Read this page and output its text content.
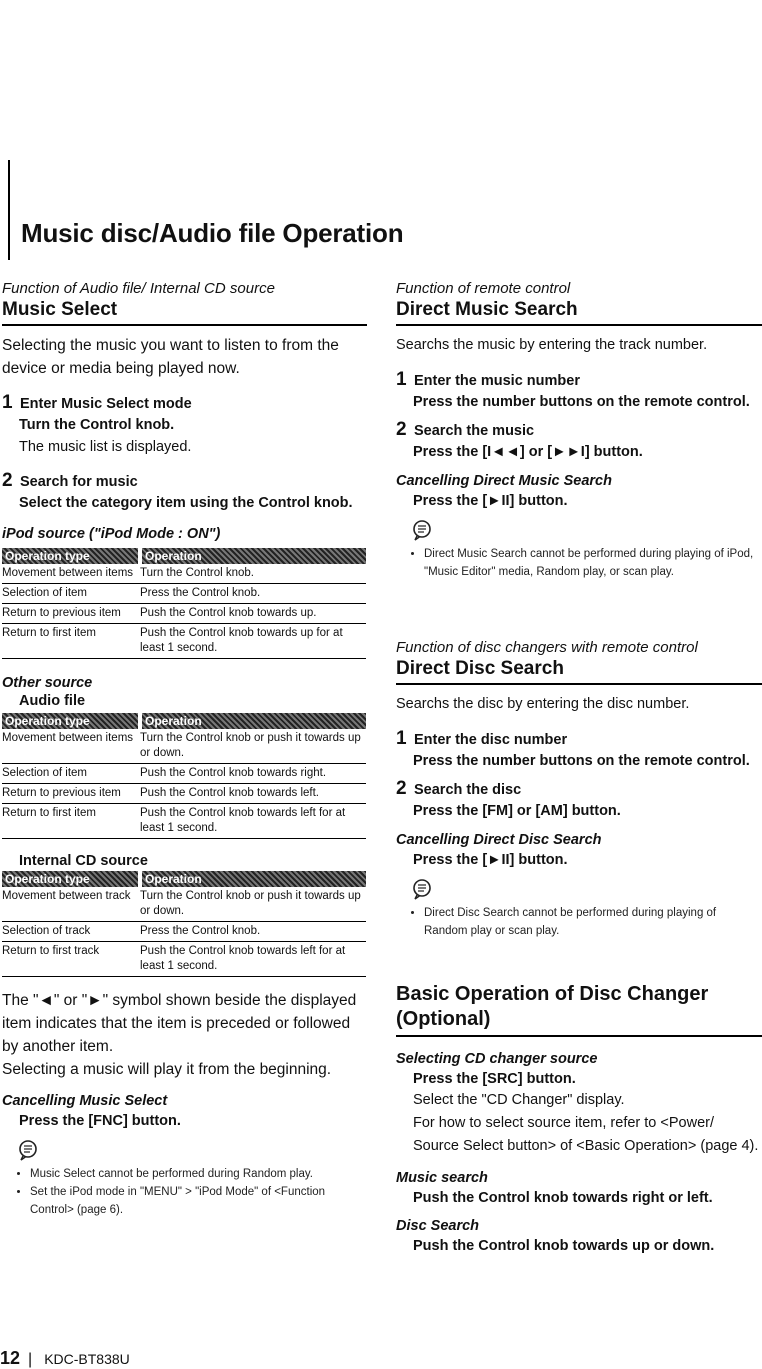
Music disc/Audio file Operation

Function of Audio file/ Internal CD source

Music Select

Selecting the music you want to listen to from the device or media being played now.

1 Enter Music Select mode
Turn the Control knob.
The music list is displayed.
2 Search for music
Select the category item using the Control knob.

iPod source ("iPod Mode : ON")

Operation type	Operation
Movement between items	Turn the Control knob.
Selection of item	Press the Control knob.
Return to previous item	Push the Control knob towards up.
Return to first item	Push the Control knob towards up for at least 1 second.

Other source

Audio file

Operation type	Operation
Movement between items	Turn the Control knob or push it towards up or down.
Selection of item	Push the Control knob towards right.
Return to previous item	Push the Control knob towards left.
Return to first item	Push the Control knob towards left for at least 1 second.

Internal CD source

Operation type	Operation
Movement between track	Turn the Control knob or push it towards up or down.
Selection of track	Press the Control knob.
Return to first track	Push the Control knob towards left for at least 1 second.

The "◄" or "►" symbol shown beside the displayed item indicates that the item is preceded or followed by another item.

Selecting a music will play it from the beginning.

Cancelling Music Select

Press the [FNC] button.

• Music Select cannot be performed during Random play.
• Set the iPod mode in "MENU" > "iPod Mode" of <Function Control> (page 6).

Function of remote control

Direct Music Search

Searchs the music by entering the track number.

1 Enter the music number
Press the number buttons on the remote control.
2 Search the music
Press the [I◄◄] or [►►I] button.

Cancelling Direct Music Search

Press the [►II] button.

• Direct Music Search cannot be performed during playing of iPod, "Music Editor" media, Random play, or scan play.

Function of disc changers with remote control

Direct Disc Search

Searchs the disc by entering the disc number.

1 Enter the disc number
Press the number buttons on the remote control.
2 Search the disc
Press the [FM] or [AM] button.

Cancelling Direct Disc Search

Press the [►II] button.

• Direct Disc Search cannot be performed during playing of Random play or scan play.
Basic Operation of Disc Changer (Optional)

Selecting CD changer source

Press the [SRC] button.

Select the "CD Changer" display.

For how to select source item, refer to <Power/ Source Select button> of <Basic Operation> (page 4).

Music search

Push the Control knob towards right or left.

Disc Search

Push the Control knob towards up or down.

12 | KDC-BT838U
